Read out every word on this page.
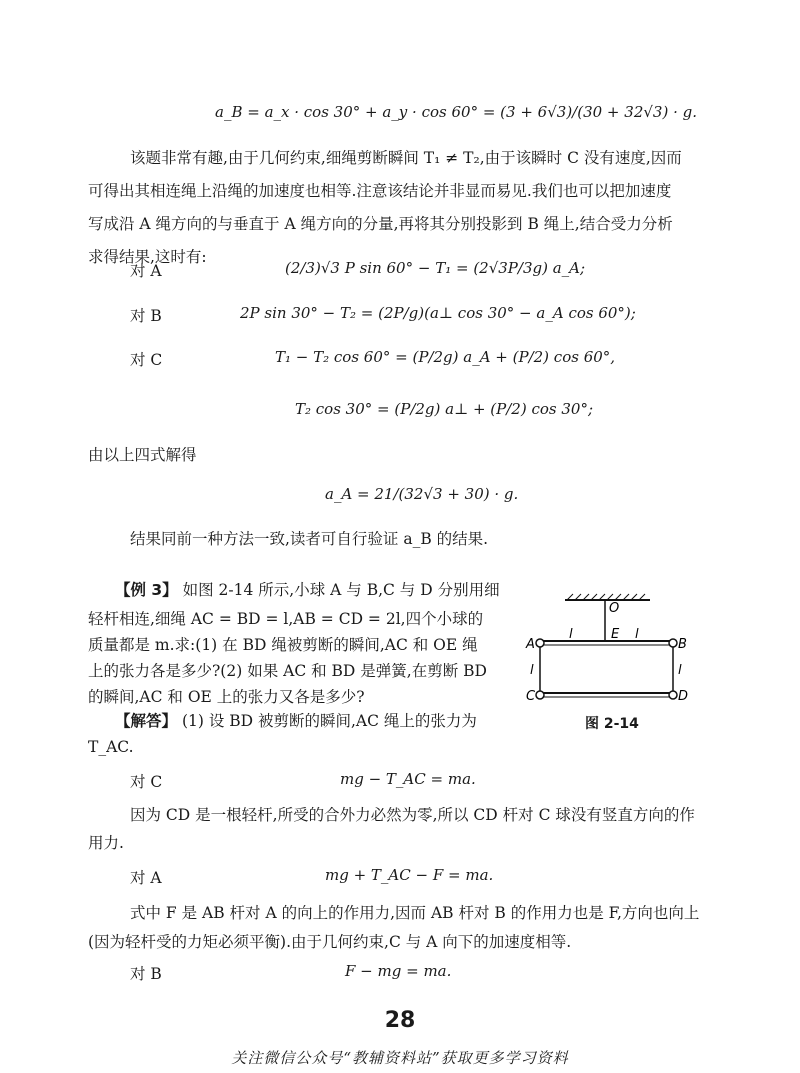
a_B = a_x · cos 30° + a_y · cos 60° = (3 + 6√3)/(30 + 32√3) · g.
该题非常有趣,由于几何约束,细绳剪断瞬间 T₁ ≠ T₂,由于该瞬时 C 没有速度,因而
可得出其相连绳上沿绳的加速度也相等.注意该结论并非显而易见.我们也可以把加速度
写成沿 A 绳方向的与垂直于 A 绳方向的分量,再将其分别投影到 B 绳上,结合受力分析
求得结果,这时有:
对 A	(2/3)√3 P sin 60° − T₁ = (2√3P/3g) a_A;
对 B	2P sin 30° − T₂ = (2P/g)(a⊥ cos 30° − a_A cos 60°);
对 C	T₁ − T₂ cos 60° = (P/2g) a_A + (P/2) cos 60°,
T₂ cos 30° = (P/2g) a⊥ + (P/2) cos 30°;
由以上四式解得
a_A = 21/(32√3 + 30) · g.
结果同前一种方法一致,读者可自行验证 a_B 的结果.
【例 3】 如图 2-14 所示,小球 A 与 B,C 与 D 分别用细
轻杆相连,细绳 AC = BD = l,AB = CD = 2l,四个小球的
质量都是 m.求:(1) 在 BD 绳被剪断的瞬间,AC 和 OE 绳
上的张力各是多少?(2) 如果 AC 和 BD 是弹簧,在剪断 BD
的瞬间,AC 和 OE 上的张力又各是多少?
【解答】 (1) 设 BD 被剪断的瞬间,AC 绳上的张力为
T_AC.
O
E
A	B
C	D
l	l
l	l
图 2-14
对 C	mg − T_AC = ma.
因为 CD 是一根轻杆,所受的合外力必然为零,所以 CD 杆对 C 球没有竖直方向的作
用力.
对 A	mg + T_AC − F = ma.
式中 F 是 AB 杆对 A 的向上的作用力,因而 AB 杆对 B 的作用力也是 F,方向也向上
(因为轻杆受的力矩必须平衡).由于几何约束,C 与 A 向下的加速度相等.
对 B	F − mg = ma.
28
关注微信公众号“教辅资料站”获取更多学习资料
